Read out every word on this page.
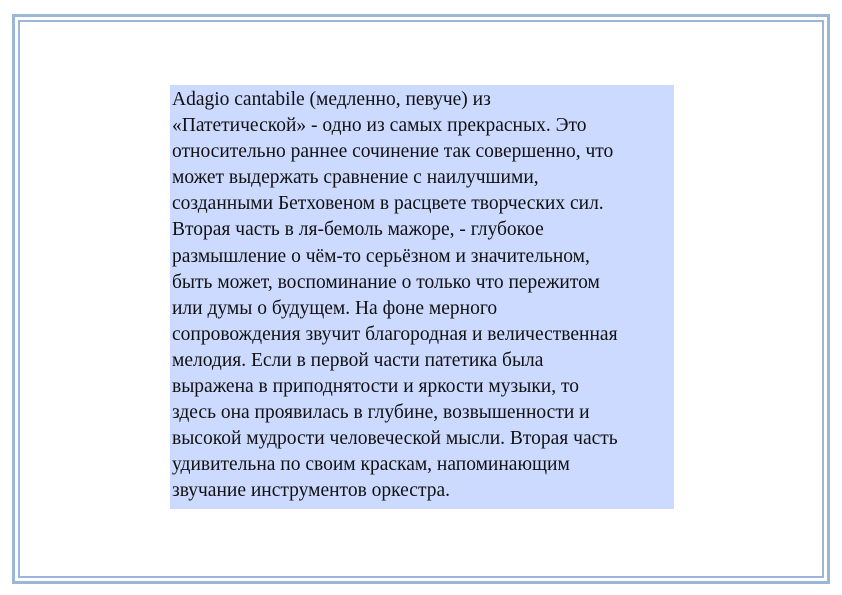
Adagio cantabile (медленно, певуче) из
«Патетической» - одно из самых прекрасных. Это
относительно раннее сочинение так совершенно, что
может выдержать сравнение с наилучшими,
созданными Бетховеном в расцвете творческих сил.
Вторая часть в ля-бемоль мажоре, - глубокое
размышление о чём-то серьёзном и значительном,
быть может, воспоминание о только что пережитом
или думы о будущем. На фоне мерного
сопровождения звучит благородная и величественная
мелодия. Если в первой части патетика была
выражена в приподнятости и яркости музыки, то
здесь она проявилась в глубине, возвышенности и
высокой мудрости человеческой мысли. Вторая часть
удивительна по своим краскам, напоминающим
звучание инструментов оркестра.
